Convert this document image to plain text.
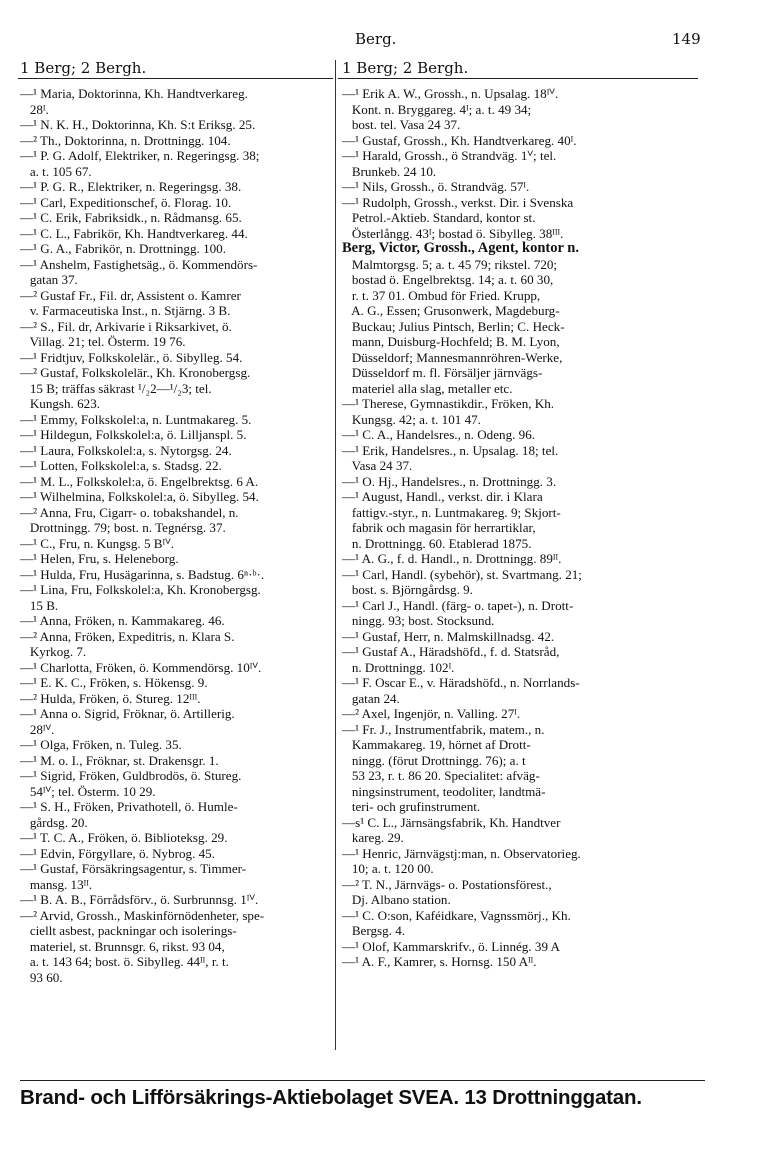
Berg.	149
1 Berg; 2 Bergh.	1 Berg; 2 Bergh.
—¹ Maria, Doktorinna, Kh. Handtverkareg.
28ᴵ.
—¹ N. K. H., Doktorinna, Kh. S:t Eriksg. 25.
—² Th., Doktorinna, n. Drottningg. 104.
—¹ P. G. Adolf, Elektriker, n. Regeringsg. 38;
a. t. 105 67.
—¹ P. G. R., Elektriker, n. Regeringsg. 38.
—¹ Carl, Expeditionschef, ö. Florag. 10.
—¹ C. Erik, Fabriksidk., n. Rådmansg. 65.
—¹ C. L., Fabrikör, Kh. Handtverkareg. 44.
—¹ G. A., Fabrikör, n. Drottningg. 100.
—¹ Anshelm, Fastighetsäg., ö. Kommendörs-
gatan 37.
—² Gustaf Fr., Fil. dr, Assistent o. Kamrer
v. Farmaceutiska Inst., n. Stjärng. 3 B.
—² S., Fil. dr, Arkivarie i Riksarkivet, ö.
Villag. 21; tel. Österm. 19 76.
—¹ Fridtjuv, Folkskolelär., ö. Sibylleg. 54.
—² Gustaf, Folkskolelär., Kh. Kronobergsg.
15 B; träffas säkrast ¹/₂2—¹/₂3; tel.
Kungsh. 623.
—¹ Emmy, Folkskolel:a, n. Luntmakareg. 5.
—¹ Hildegun, Folkskolel:a, ö. Lilljanspl. 5.
—¹ Laura, Folkskolel:a, s. Nytorgsg. 24.
—¹ Lotten, Folkskolel:a, s. Stadsg. 22.
—¹ M. L., Folkskolel:a, ö. Engelbrektsg. 6 A.
—¹ Wilhelmina, Folkskolel:a, ö. Sibylleg. 54.
—² Anna, Fru, Cigarr- o. tobakshandel, n.
Drottningg. 79; bost. n. Tegnérsg. 37.
—¹ C., Fru, n. Kungsg. 5 Bᴵⱽ.
—¹ Helen, Fru, s. Heleneborg.
—¹ Hulda, Fru, Husägarinna, s. Badstug. 6ⁿ·ᵇ·.
—¹ Lina, Fru, Folkskolel:a, Kh. Kronobergsg.
15 B.
—¹ Anna, Fröken, n. Kammakareg. 46.
—² Anna, Fröken, Expeditris, n. Klara S.
Kyrkog. 7.
—¹ Charlotta, Fröken, ö. Kommendörsg. 10ᴵⱽ.
—¹ E. K. C., Fröken, s. Hökensg. 9.
—² Hulda, Fröken, ö. Stureg. 12ᴵᴵᴵ.
—¹ Anna o. Sigrid, Fröknar, ö. Artillerig.
28ᴵⱽ.
—¹ Olga, Fröken, n. Tuleg. 35.
—¹ M. o. I., Fröknar, st. Drakensgr. 1.
—¹ Sigrid, Fröken, Guldbrodös, ö. Stureg.
54ᴵⱽ; tel. Österm. 10 29.
—¹ S. H., Fröken, Privathotell, ö. Humle-
gårdsg. 20.
—¹ T. C. A., Fröken, ö. Biblioteksg. 29.
—¹ Edvin, Förgyllare, ö. Nybrog. 45.
—¹ Gustaf, Försäkringsagentur, s. Timmer-
mansg. 13ᴵᴵ.
—¹ B. A. B., Förrådsförv., ö. Surbrunnsg. 1ᴵⱽ.
—² Arvid, Grossh., Maskinförnödenheter, spe-
ciellt asbest, packningar och isolerings-
materiel, st. Brunnsgr. 6, rikst. 93 04,
a. t. 143 64; bost. ö. Sibylleg. 44ᴵᴵ, r. t.
93 60.
—¹ Erik A. W., Grossh., n. Upsalag. 18ᴵⱽ.
Kont. n. Bryggareg. 4ᴵ; a. t. 49 34;
bost. tel. Vasa 24 37.
—¹ Gustaf, Grossh., Kh. Handtverkareg. 40ᴵ.
—¹ Harald, Grossh., ö Strandväg. 1ⱽ; tel.
Brunkeb. 24 10.
—¹ Nils, Grossh., ö. Strandväg. 57ᴵ.
—¹ Rudolph, Grossh., verkst. Dir. i Svenska
Petrol.-Aktieb. Standard, kontor st.
Österlångg. 43ᴵ; bostad ö. Sibylleg. 38ᴵᴵᴵ.
Berg, Victor, Grossh., Agent, kontor n.
Malmtorgsg. 5; a. t. 45 79; rikstel. 720;
bostad ö. Engelbrektsg. 14; a. t. 60 30,
r. t. 37 01. Ombud för Fried. Krupp,
A. G., Essen; Grusonwerk, Magdeburg-
Buckau; Julius Pintsch, Berlin; C. Heck-
mann, Duisburg-Hochfeld; B. M. Lyon,
Düsseldorf; Mannesmannröhren-Werke,
Düsseldorf m. fl. Försäljer järnvägs-
materiel alla slag, metaller etc.
—¹ Therese, Gymnastikdir., Fröken, Kh.
Kungsg. 42; a. t. 101 47.
—¹ C. A., Handelsres., n. Odeng. 96.
—¹ Erik, Handelsres., n. Upsalag. 18; tel.
Vasa 24 37.
—¹ O. Hj., Handelsres., n. Drottningg. 3.
—¹ August, Handl., verkst. dir. i Klara
fattigv.-styr., n. Luntmakareg. 9; Skjort-
fabrik och magasin för herrartiklar,
n. Drottningg. 60. Etablerad 1875.
—¹ A. G., f. d. Handl., n. Drottningg. 89ᴵᴵ.
—¹ Carl, Handl. (sybehör), st. Svartmang. 21;
bost. s. Björngårdsg. 9.
—¹ Carl J., Handl. (färg- o. tapet-), n. Drott-
ningg. 93; bost. Stocksund.
—¹ Gustaf, Herr, n. Malmskillnadsg. 42.
—¹ Gustaf A., Häradshöfd., f. d. Statsråd,
n. Drottningg. 102ᴵ.
—¹ F. Oscar E., v. Häradshöfd., n. Norrlands-
gatan 24.
—² Axel, Ingenjör, n. Valling. 27ᴵ.
—¹ Fr. J., Instrumentfabrik, matem., n.
Kammakareg. 19, hörnet af Drott-
ningg. (förut Drottningg. 76); a. t
53 23, r. t. 86 20. Specialitet: afväg-
ningsinstrument, teodoliter, landtmä-
teri- och grufinstrument.
—s¹ C. L., Järnsängsfabrik, Kh. Handtver
kareg. 29.
—¹ Henric, Järnvägstj:man, n. Observatorieg.
10; a. t. 120 00.
—² T. N., Järnvägs- o. Postationsförest.,
Dj. Albano station.
—¹ C. O:son, Kaféidkare, Vagnssmörj., Kh.
Bergsg. 4.
—¹ Olof, Kammarskrifv., ö. Linnég. 39 A
—¹ A. F., Kamrer, s. Hornsg. 150 Aᴵᴵ.
Brand- och Lifförsäkrings-Aktiebolaget SVEA. 13 Drottninggatan.
